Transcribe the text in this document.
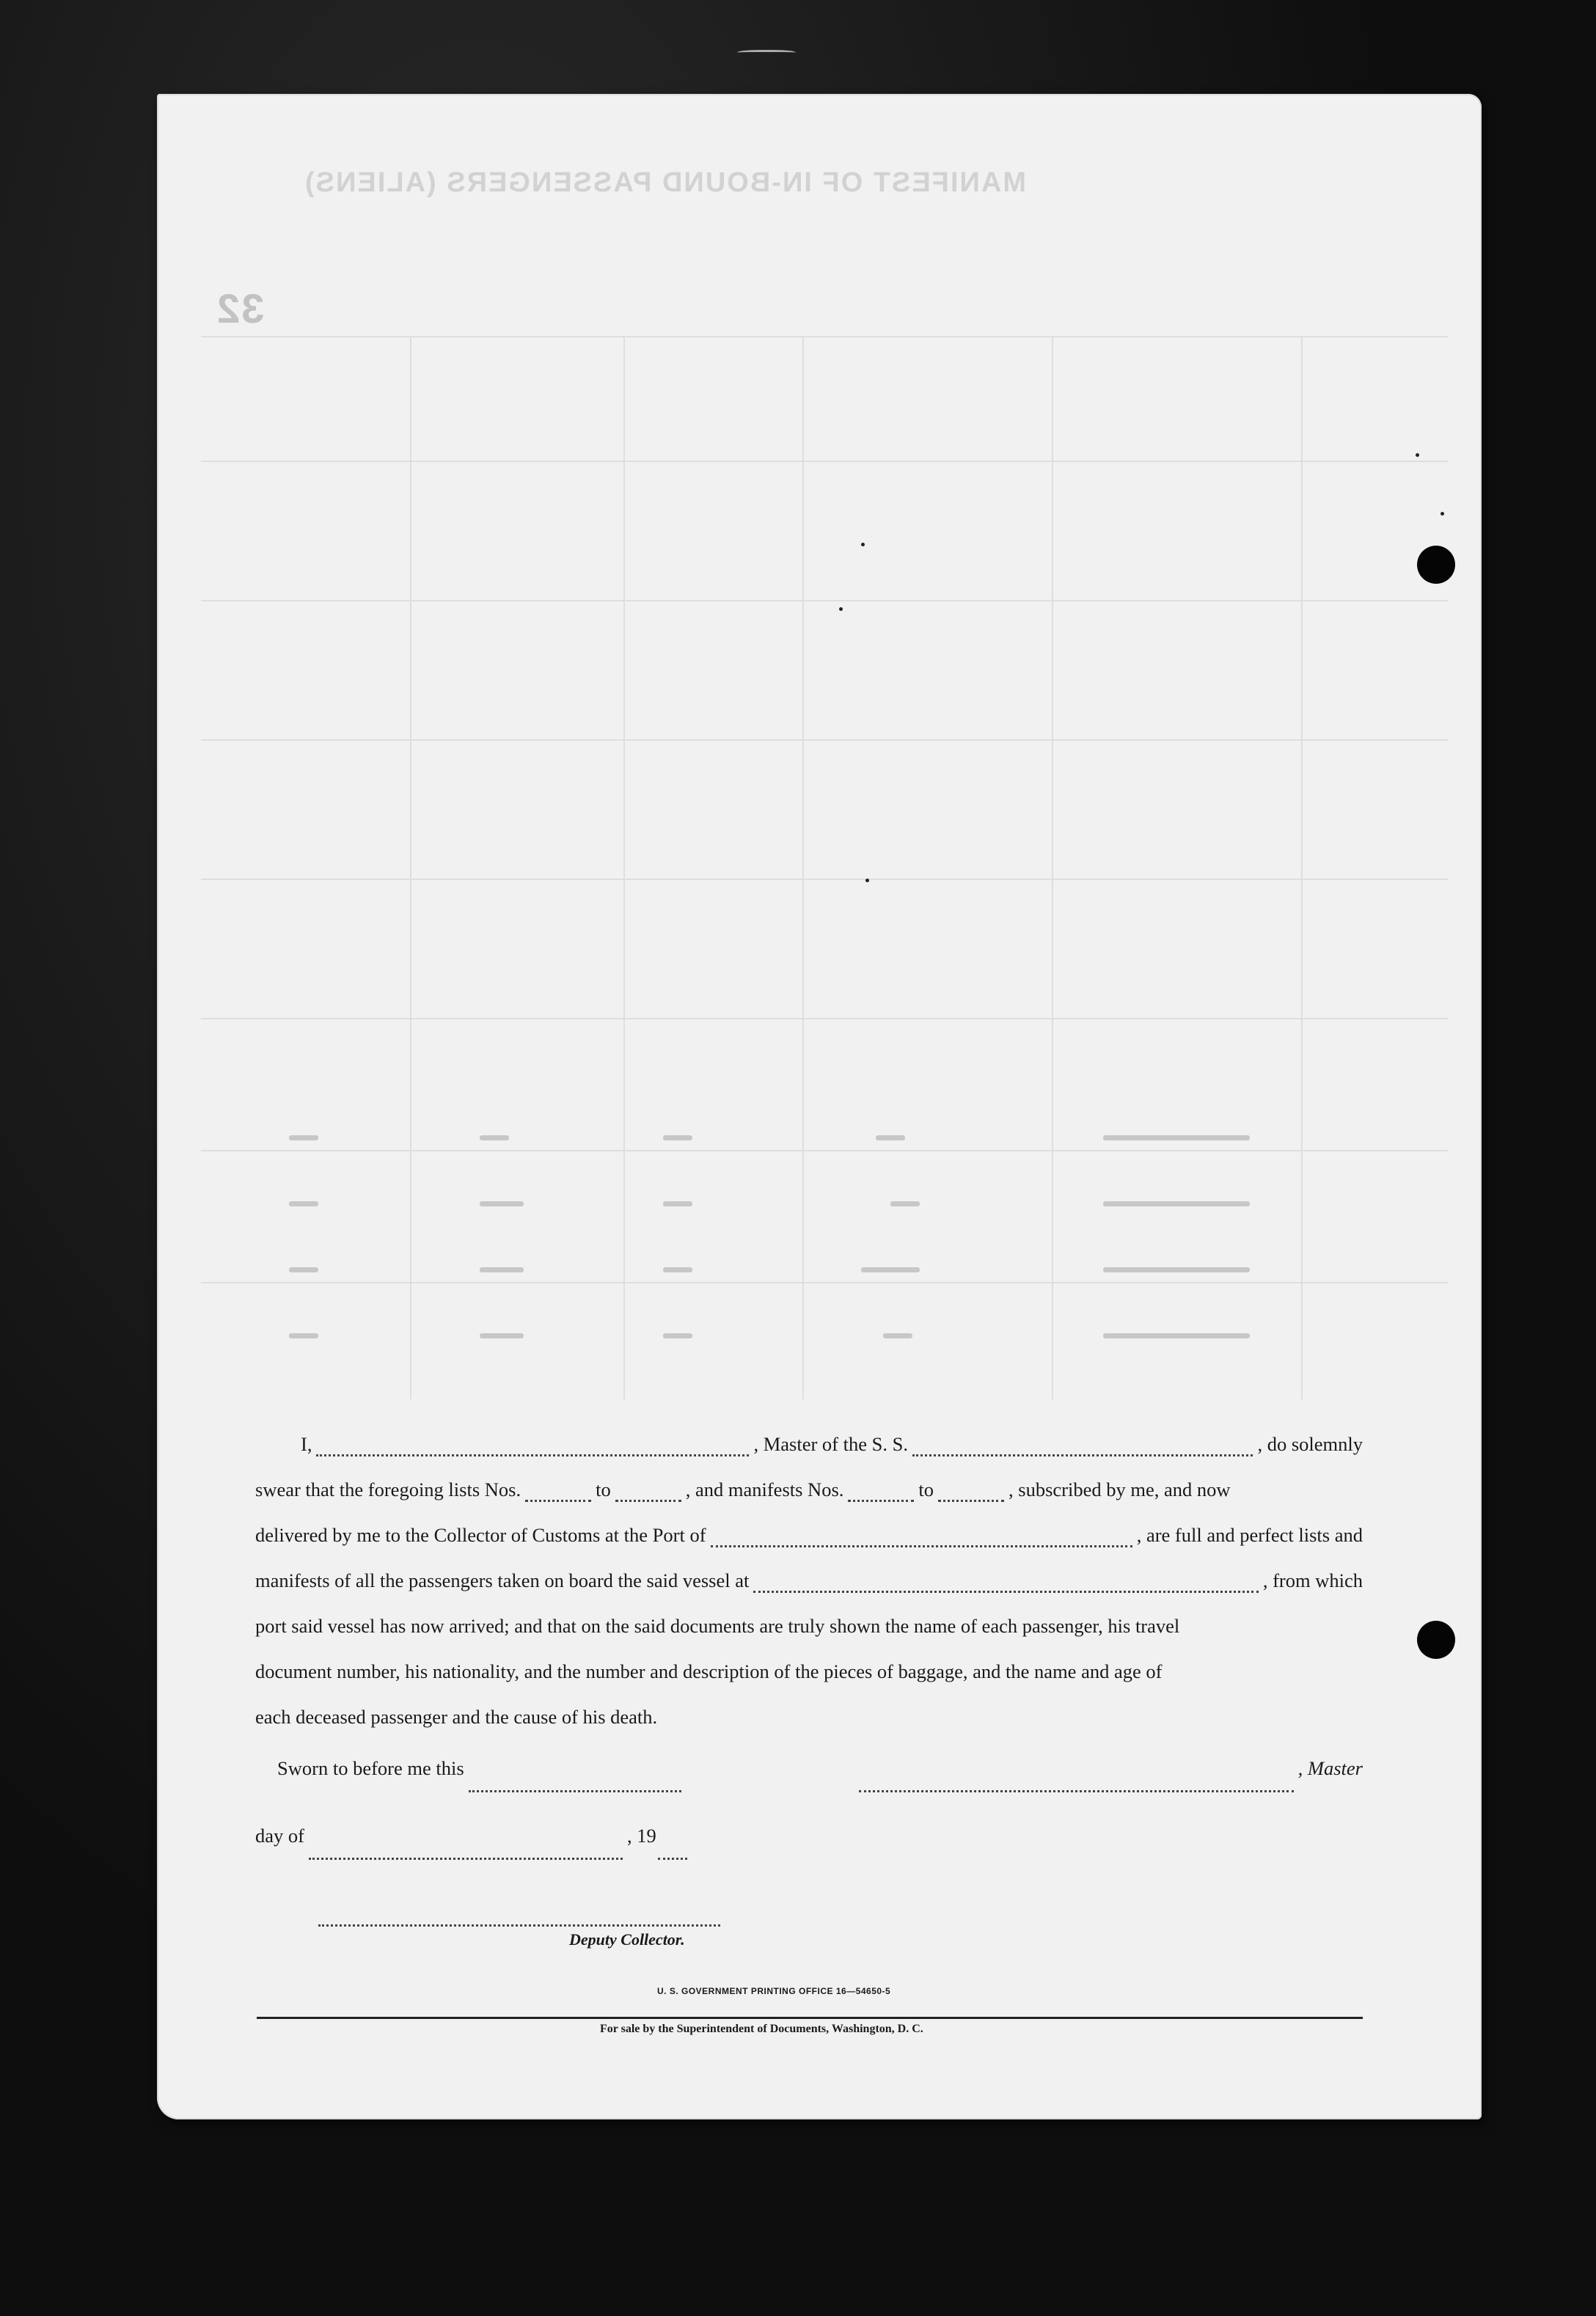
MANIFEST OF IN-BOUND PASSENGERS (ALIENS)
32
I,	, Master of the S. S.	, do solemnly
swear that the foregoing lists Nos.	to	, and manifests Nos.	to	, subscribed by me, and now
delivered by me to the Collector of Customs at the Port of	, are full and perfect lists and
manifests of all the passengers taken on board the said vessel at	, from which
port said vessel has now arrived; and that on the said documents are truly shown the name of each passenger, his travel
document number, his nationality, and the number and description of the pieces of baggage, and the name and age of
each deceased passenger and the cause of his death.
Sworn to before me this	, Master
day of	, 19
Deputy Collector.
U. S. GOVERNMENT PRINTING OFFICE 16—54650-5
For sale by the Superintendent of Documents, Washington, D. C.
